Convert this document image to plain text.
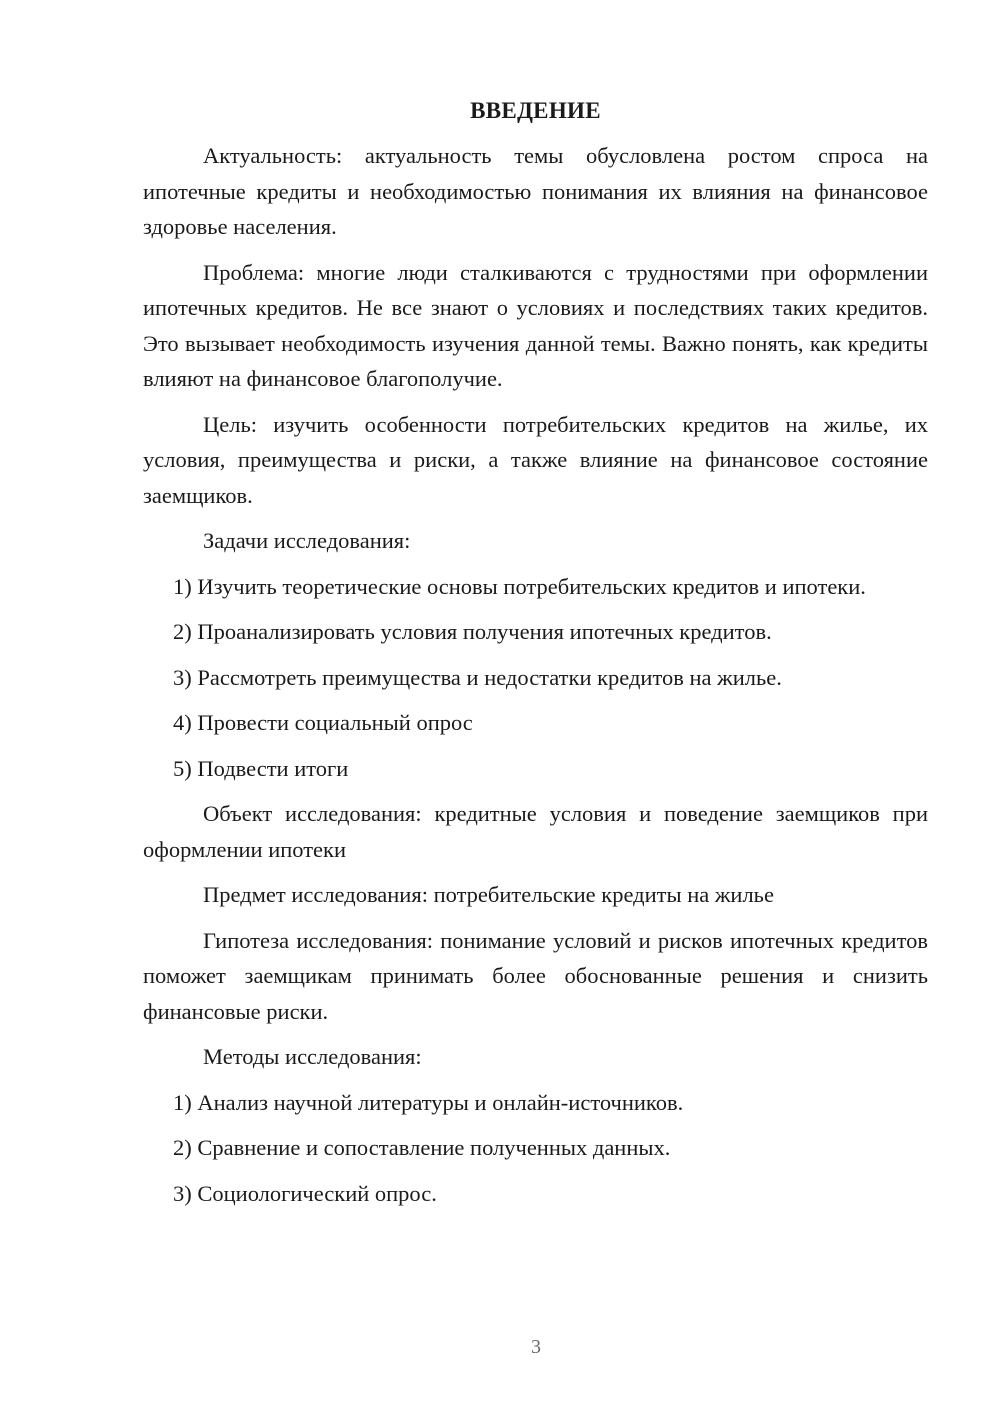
ВВЕДЕНИЕ

Актуальность: актуальность темы обусловлена ростом спроса на ипотечные кредиты и необходимостью понимания их влияния на финансовое здоровье населения.

Проблема: многие люди сталкиваются с трудностями при оформлении ипотечных кредитов. Не все знают о условиях и последствиях таких кредитов. Это вызывает необходимость изучения данной темы. Важно понять, как кредиты влияют на финансовое благополучие.

Цель: изучить особенности потребительских кредитов на жилье, их условия, преимущества и риски, а также влияние на финансовое состояние заемщиков.

Задачи исследования:

1) Изучить теоретические основы потребительских кредитов и ипотеки.

2) Проанализировать условия получения ипотечных кредитов.

3) Рассмотреть преимущества и недостатки кредитов на жилье.

4) Провести социальный опрос

5) Подвести итоги

Объект исследования: кредитные условия и поведение заемщиков при оформлении ипотеки

Предмет исследования: потребительские кредиты на жилье

Гипотеза исследования: понимание условий и рисков ипотечных кредитов поможет заемщикам принимать более обоснованные решения и снизить финансовые риски.

Методы исследования:

1) Анализ научной литературы и онлайн-источников.

2) Сравнение и сопоставление полученных данных.

3) Социологический опрос.

3
